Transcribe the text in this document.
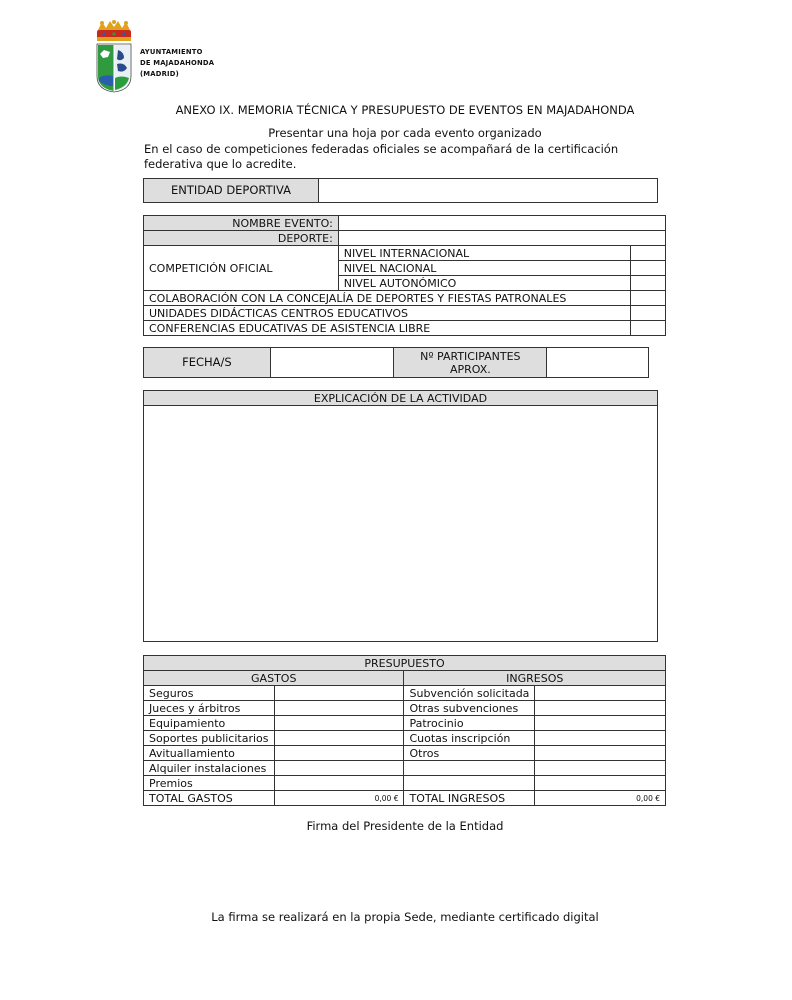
AYUNTAMIENTO
DE MAJADAHONDA
(MADRID)
ANEXO IX. MEMORIA TÉCNICA Y PRESUPUESTO DE EVENTOS EN MAJADAHONDA
Presentar una hoja por cada evento organizado
En el caso de competiciones federadas oficiales se acompañará de la certificación
federativa que lo acredite.
ENTIDAD DEPORTIVA	
NOMBRE EVENTO:	
DEPORTE:	
COMPETICIÓN OFICIAL	NIVEL INTERNACIONAL	
NIVEL NACIONAL	
NIVEL AUTONÓMICO	
COLABORACIÓN CON LA CONCEJALÍA DE DEPORTES Y FIESTAS PATRONALES	
UNIDADES DIDÁCTICAS CENTROS EDUCATIVOS	
CONFERENCIAS EDUCATIVAS DE ASISTENCIA LIBRE	
FECHA/S		Nº PARTICIPANTES
APROX.

EXPLICACIÓN DE LA ACTIVIDAD

PRESUPUESTO
GASTOS	INGRESOS
Seguros		Subvención solicitada	
Jueces y árbitros		Otras subvenciones	
Equipamiento		Patrocinio	
Soportes publicitarios		Cuotas inscripción	
Avituallamiento		Otros	
Alquiler instalaciones			
Premios			
TOTAL GASTOS	0,00 €	TOTAL INGRESOS	0,00 €
Firma del Presidente de la Entidad
La firma se realizará en la propia Sede, mediante certificado digital
